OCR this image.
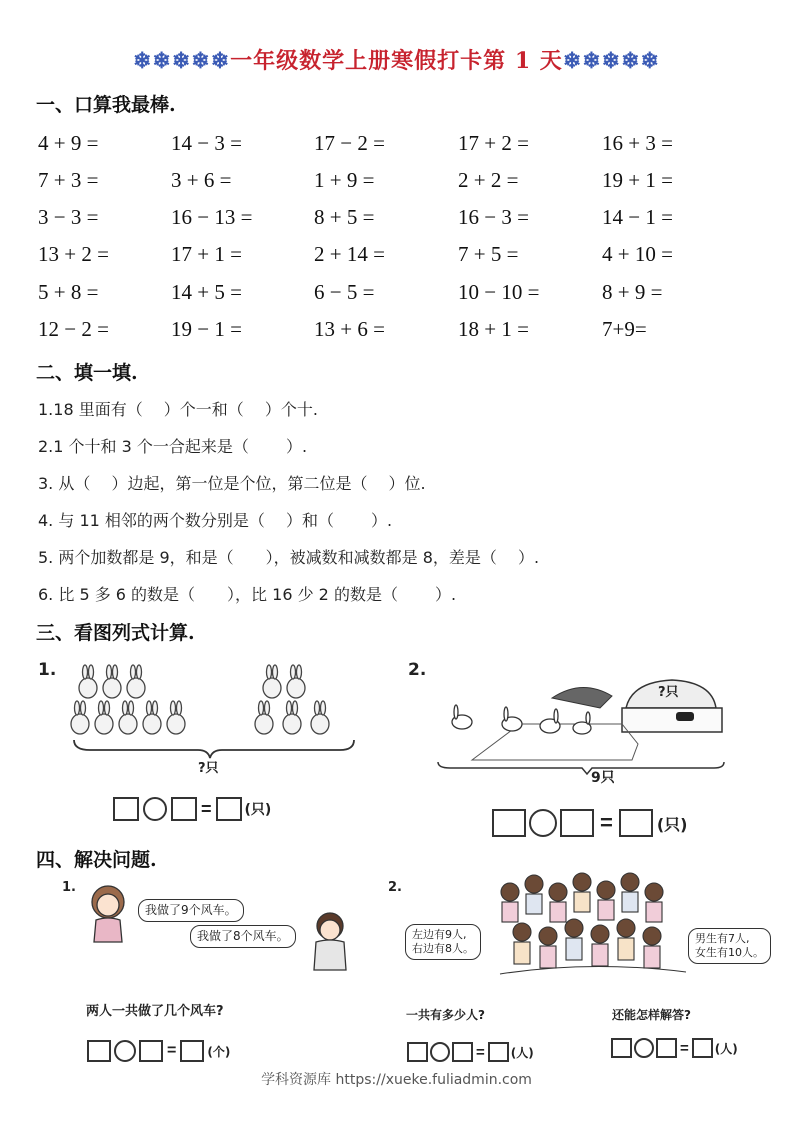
❄❄❄❄❄一年级数学上册寒假打卡第 1 天❄❄❄❄❄
一、口算我最棒.
4 + 9 =	14 − 3 =	17 − 2 =	17 + 2 =	16 + 3 =
7 + 3 =	3 + 6 =	1 + 9 =	2 + 2 =	19 + 1 =
3 − 3 =	16 − 13 =	8 + 5 =	16 − 3 =	14 − 1 =
13 + 2 =	17 + 1 =	2 + 14 =	7 + 5 =	4 + 10 =
5 + 8 =	14 + 5 =	6 − 5 =	10 − 10 =	8 + 9 =
12 − 2 =	19 − 1 =	13 + 6 =	18 + 1 =	7+9=
二、填一填.
1.18 里面有（　 ）个一和（　 ）个十.
2.1 个十和 3 个一合起来是（　　 ）.
3. 从（　 ）边起，第一位是个位，第二位是（　 ）位.
4. 与 11 相邻的两个数分别是（　 ）和（　　 ）.
5. 两个加数都是 9，和是（　　），被减数和减数都是 8，差是（　 ）.
6. 比 5 多 6 的数是（　　），比 16 少 2 的数是（　　 ）.
三、看图列式计算.
1.
?只
= (只)
2.
?只
9只
=	(只)
四、解决问题.
1.
我做了9个风车。
我做了8个风车。
两人一共做了几个风车?
=	(个)
2.
左边有9人,
右边有8人。
男生有7人,
女生有10人。
一共有多少人?
= (人)
还能怎样解答?
= (人)
学科资源库 https://xueke.fuliadmin.com
